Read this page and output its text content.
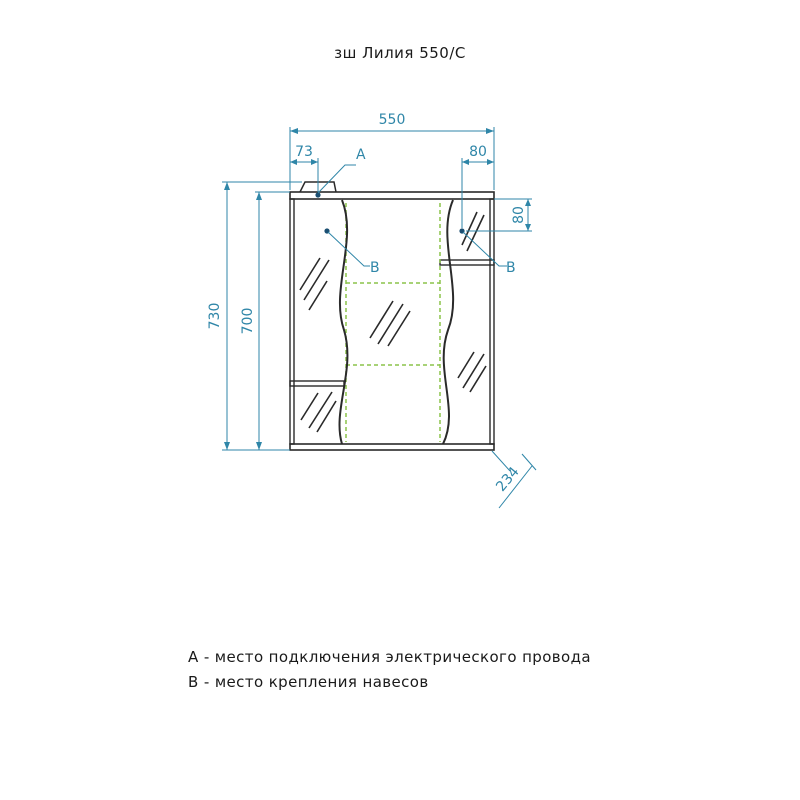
зш Лилия 550/С
550
73	80
80
730 700
234
A
B	B
А - место подключения электрического провода
В - место крепления навесов
